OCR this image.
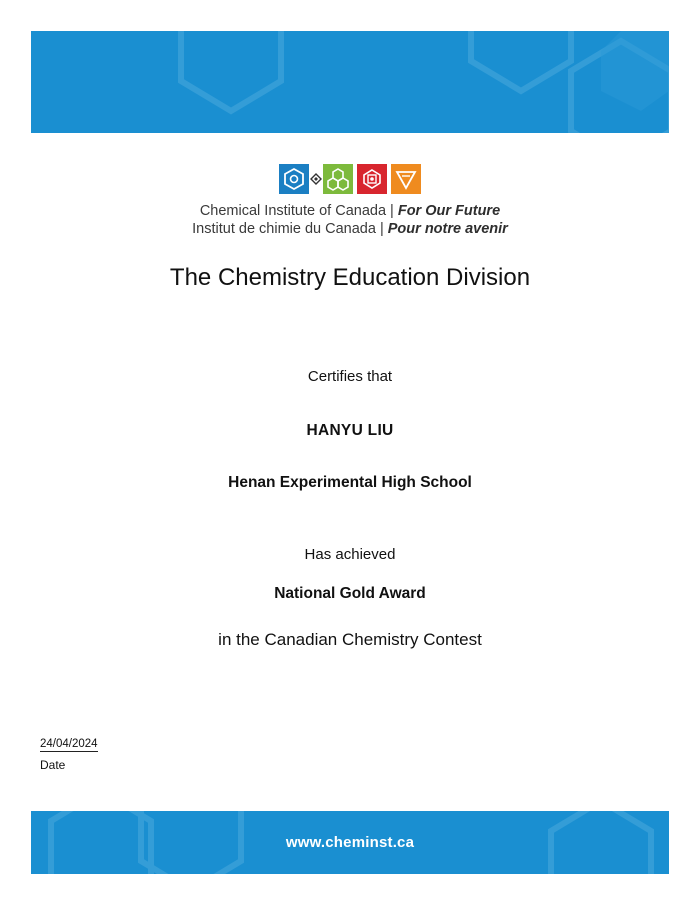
Chemical Institute of Canada | For Our Future
Institut de chimie du Canada | Pour notre avenir
The Chemistry Education Division
Certifies that
HANYU LIU
Henan Experimental High School
Has achieved
National Gold Award
in the Canadian Chemistry Contest
24/04/2024
Date
www.cheminst.ca
